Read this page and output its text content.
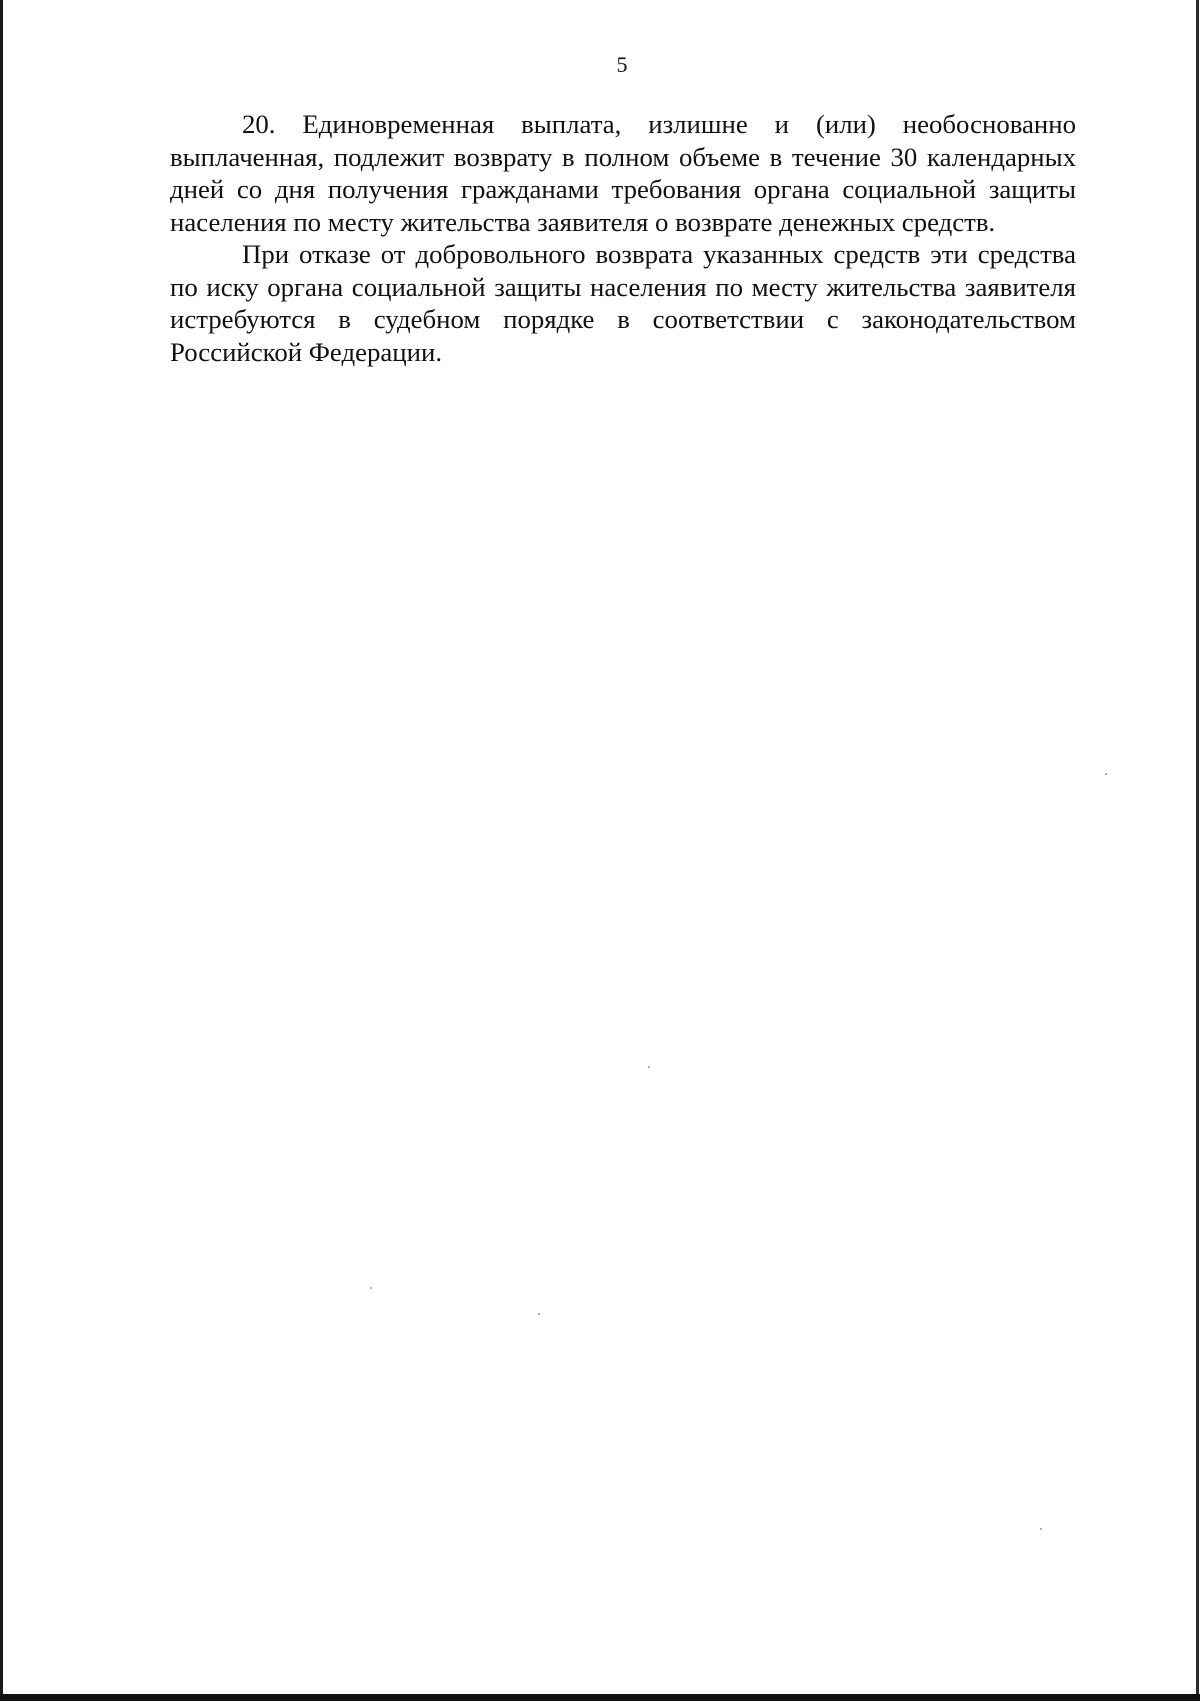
5

20. Единовременная выплата, излишне и (или) необоснованно выплаченная, подлежит возврату в полном объеме в течение 30 календарных дней со дня получения гражданами требования органа социальной защиты населения по месту жительства заявителя о возврате денежных средств.

При отказе от добровольного возврата указанных средств эти средства по иску органа социальной защиты населения по месту жительства заявителя истребуются в судебном порядке в соответствии с законодательством Российской Федерации.
